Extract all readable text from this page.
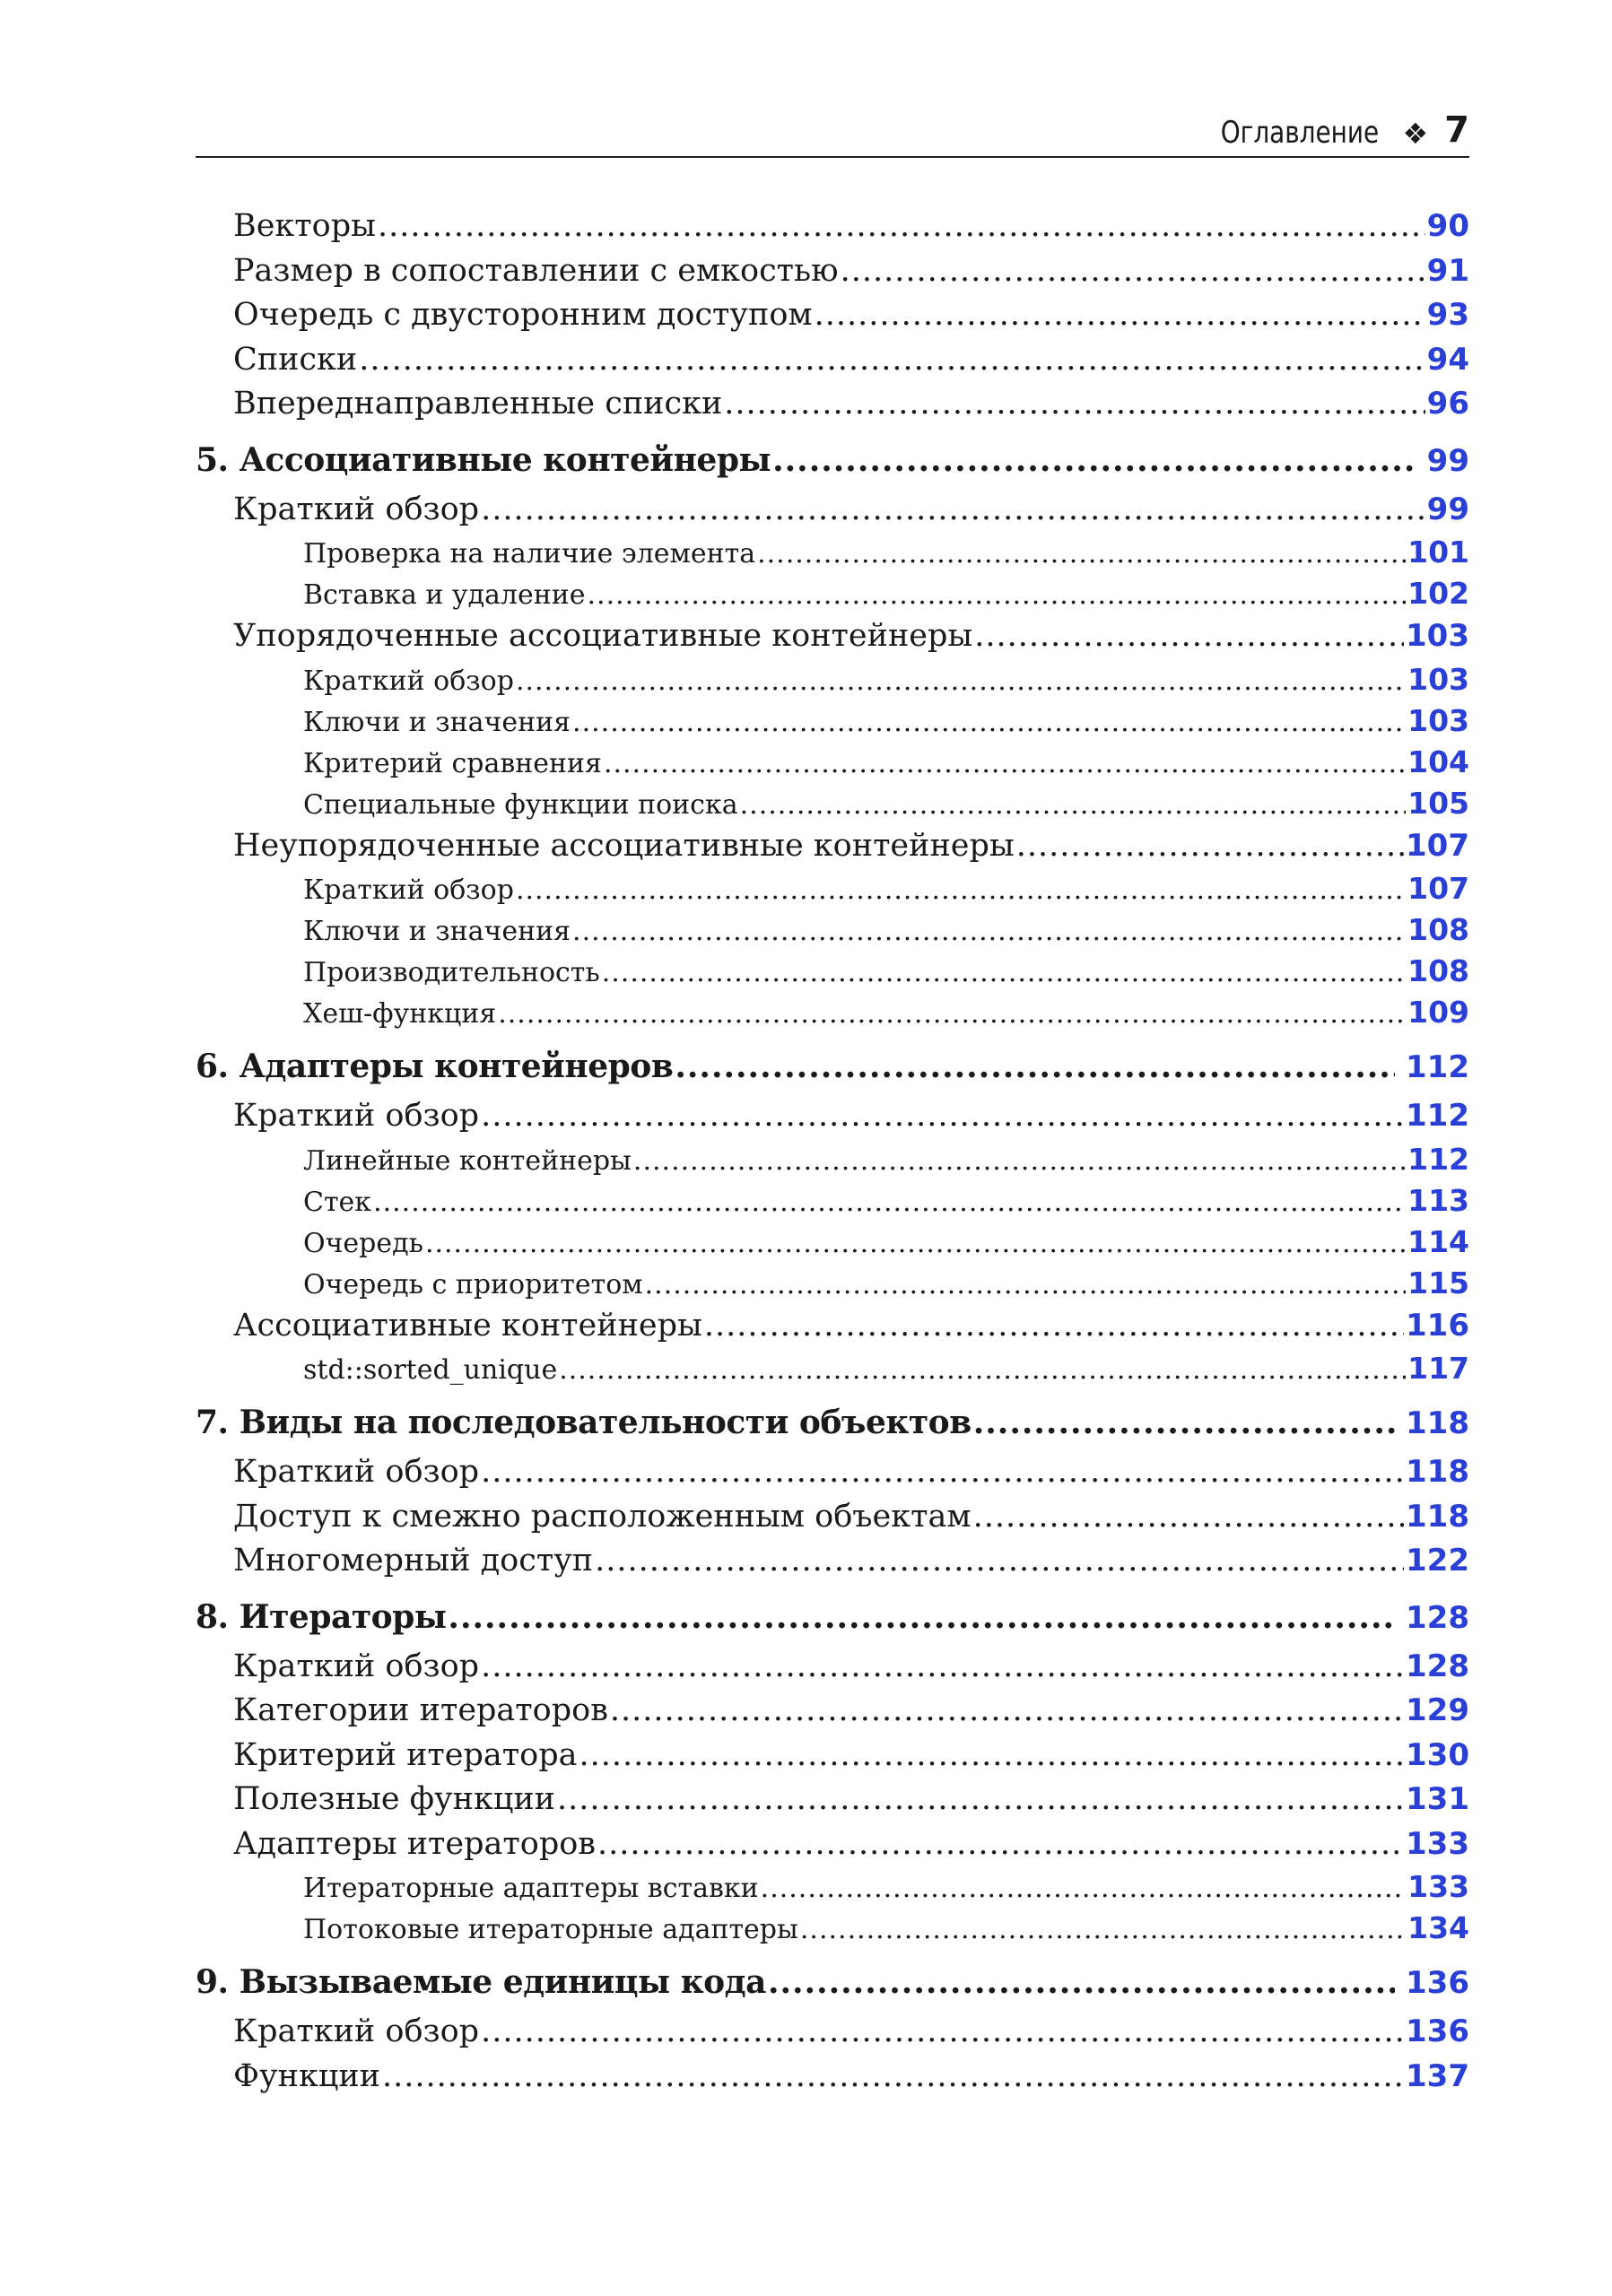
Оглавление ❖ 7
Векторы .....	90
Размер в сопоставлении с емкостью .....	91
Очередь с двусторонним доступом .....	93
Списки .....	94
Впереднаправленные списки .....	96
5. Ассоциативные контейнеры .....	99
Краткий обзор .....	99
Проверка на наличие элемента .....	101
Вставка и удаление .....	102
Упорядоченные ассоциативные контейнеры .....	103
Краткий обзор .....	103
Ключи и значения .....	103
Критерий сравнения .....	104
Специальные функции поиска .....	105
Неупорядоченные ассоциативные контейнеры .....	107
Краткий обзор .....	107
Ключи и значения .....	108
Производительность .....	108
Хеш-функция .....	109
6. Адаптеры контейнеров .....	112
Краткий обзор .....	112
Линейные контейнеры .....	112
Стек .....	113
Очередь .....	114
Очередь с приоритетом .....	115
Ассоциативные контейнеры .....	116
std::sorted_unique .....	117
7. Виды на последовательности объектов .....	118
Краткий обзор .....	118
Доступ к смежно расположенным объектам .....	118
Многомерный доступ .....	122
8. Итераторы .....	128
Краткий обзор .....	128
Категории итераторов .....	129
Критерий итератора .....	130
Полезные функции .....	131
Адаптеры итераторов .....	133
Итераторные адаптеры вставки .....	133
Потоковые итераторные адаптеры .....	134
9. Вызываемые единицы кода .....	136
Краткий обзор .....	136
Функции .....	137
